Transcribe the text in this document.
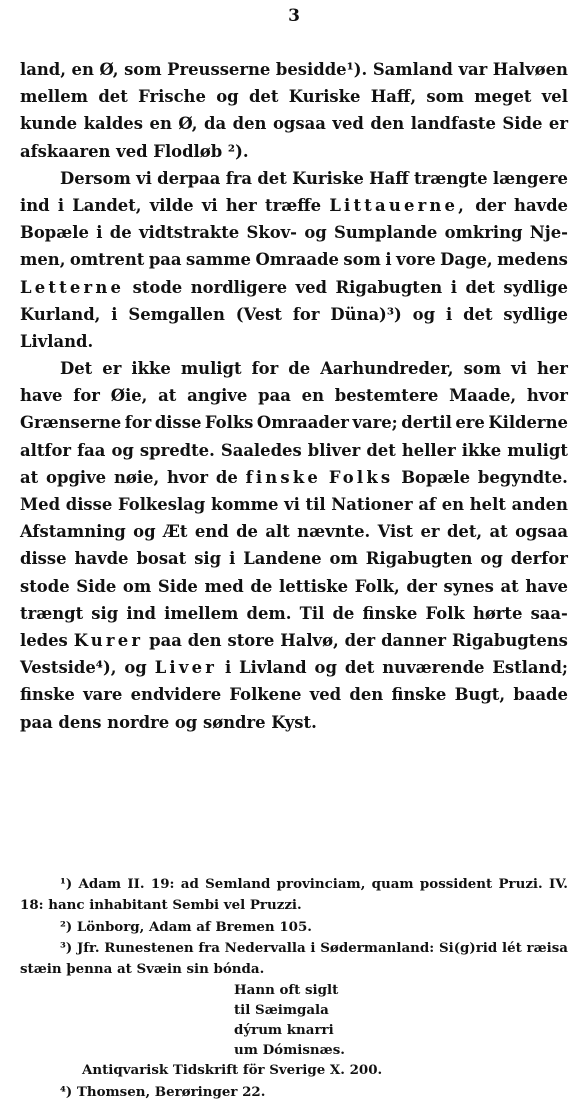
3
land, en Ø, som Preusserne besidde¹). Samland var Halvøen
mellem det Frische og det Kuriske Haff, som meget vel
kunde kaldes en Ø, da den ogsaa ved den landfaste Side er
afskaaren ved Flodløb ²).
Dersom vi derpaa fra det Kuriske Haff trængte længere
ind i Landet, vilde vi her træffe Littauerne, der havde
Bopæle i de vidtstrakte Skov- og Sumplande omkring Nje-
men, omtrent paa samme Omraade som i vore Dage, medens
Letterne stode nordligere ved Rigabugten i det sydlige
Kurland, i Semgallen (Vest for Düna)³) og i det sydlige
Livland.
Det er ikke muligt for de Aarhundreder, som vi her
have for Øie, at angive paa en bestemtere Maade, hvor
Grænserne for disse Folks Omraader vare; dertil ere Kilderne
altfor faa og spredte. Saaledes bliver det heller ikke muligt
at opgive nøie, hvor de finske Folks Bopæle begyndte.
Med disse Folkeslag komme vi til Nationer af en helt anden
Afstamning og Æt end de alt nævnte. Vist er det, at ogsaa
disse havde bosat sig i Landene om Rigabugten og derfor
stode Side om Side med de lettiske Folk, der synes at have
trængt sig ind imellem dem. Til de finske Folk hørte saa-
ledes Kurer paa den store Halvø, der danner Rigabugtens
Vestside⁴), og Liver i Livland og det nuværende Estland;
finske vare endvidere Folkene ved den finske Bugt, baade
paa dens nordre og søndre Kyst.
¹) Adam II. 19: ad Semland provinciam, quam possident Pruzi. IV.
18: hanc inhabitant Sembi vel Pruzzi.
²) Lönborg, Adam af Bremen 105.
³) Jfr. Runestenen fra Nedervalla i Sødermanland: Si(g)rid lét ræisa
stæin þenna at Svæin sin bónda.
Hann oft siglt
til Sæimgala
dýrum knarri
um Dómisnæs.
Antiqvarisk Tidskrift för Sverige X. 200.
⁴) Thomsen, Berøringer 22.
